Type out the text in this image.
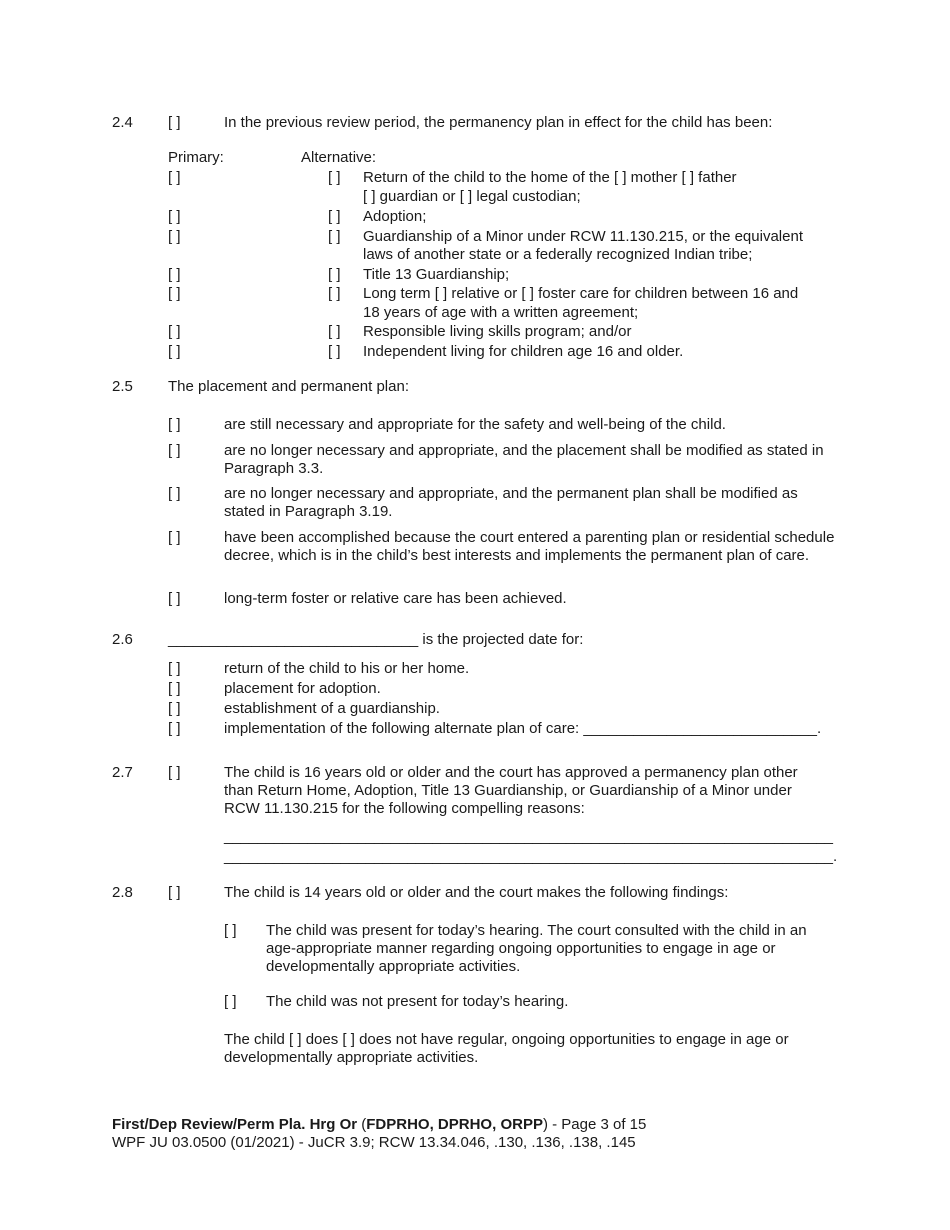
2.4 [ ]	In the previous review period, the permanency plan in effect for the child has been:
Primary:	Alternative:
[ ]	[ ] Return of the child to the home of the [ ] mother [ ] father
[ ] guardian or [ ] legal custodian;
[ ]	[ ] Adoption;
[ ]	[ ] Guardianship of a Minor under RCW 11.130.215, or the equivalent
laws of another state or a federally recognized Indian tribe;
[ ]	[ ] Title 13 Guardianship;
[ ]	[ ] Long term [ ] relative or [ ] foster care for children between 16 and
18 years of age with a written agreement;
[ ]	[ ] Responsible living skills program; and/or
[ ]	[ ] Independent living for children age 16 and older.
2.5 The placement and permanent plan:
[ ]	are still necessary and appropriate for the safety and well-being of the child.
[ ]	are no longer necessary and appropriate, and the placement shall be modified as stated in Paragraph 3.3.
[ ]	are no longer necessary and appropriate, and the permanent plan shall be modified as stated in Paragraph 3.19.
[ ]	have been accomplished because the court entered a parenting plan or residential schedule decree, which is in the child’s best interests and implements the permanent plan of care.
[ ]	long-term foster or relative care has been achieved.
2.6 ______________________________ is the projected date for:
[ ]	return of the child to his or her home.
[ ]	placement for adoption.
[ ]	establishment of a guardianship.
[ ]	implementation of the following alternate plan of care: ____________________________.
2.7 [ ]	The child is 16 years old or older and the court has approved a permanency plan other than Return Home, Adoption, Title 13 Guardianship, or Guardianship of a Minor under RCW 11.130.215 for the following compelling reasons:
_________________________________________________________________________
_________________________________________________________________________.
2.8 [ ]	The child is 14 years old or older and the court makes the following findings:
[ ] The child was present for today’s hearing. The court consulted with the child in an age-appropriate manner regarding ongoing opportunities to engage in age or developmentally appropriate activities.
[ ] The child was not present for today’s hearing.
The child [ ] does [ ] does not have regular, ongoing opportunities to engage in age or developmentally appropriate activities.
First/Dep Review/Perm Pla. Hrg Or (FDPRHO, DPRHO, ORPP) - Page 3 of 15
WPF JU 03.0500 (01/2021) - JuCR 3.9; RCW 13.34.046, .130, .136, .138, .145
